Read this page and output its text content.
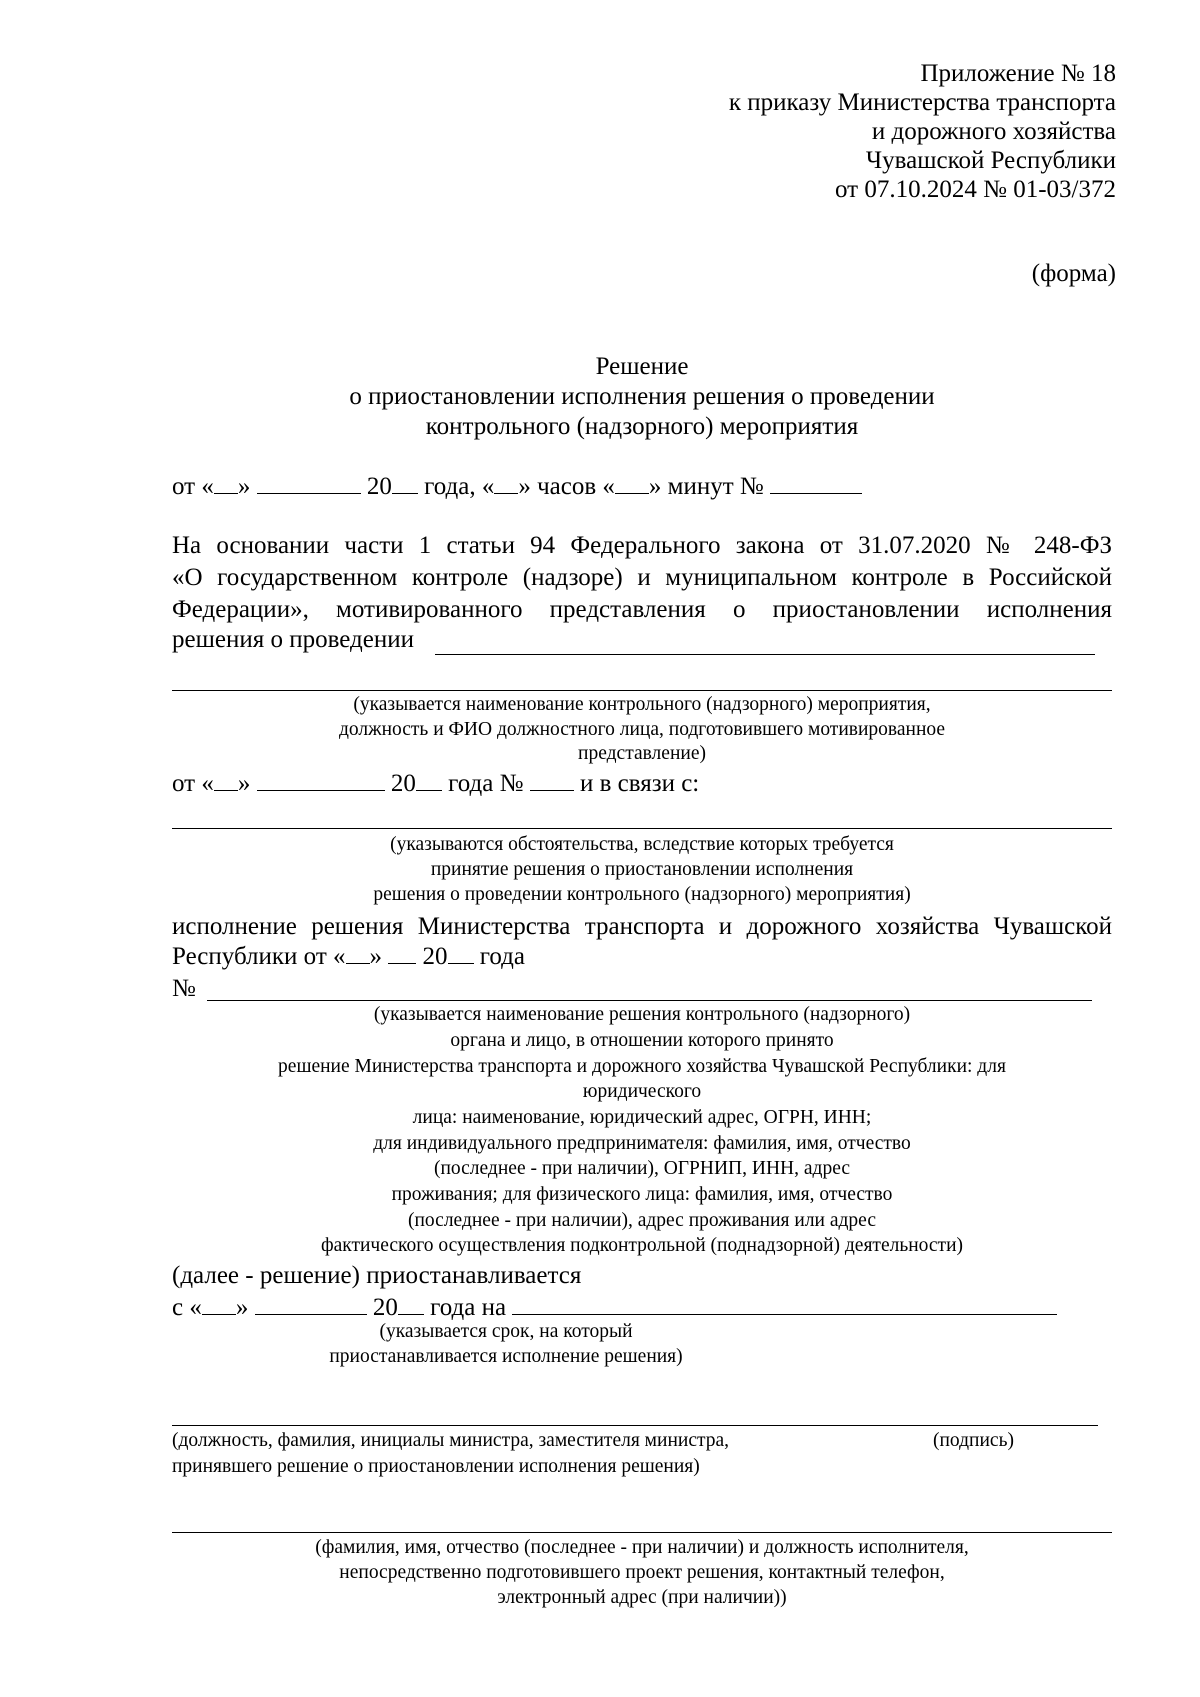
Приложение № 18
к приказу Министерства транспорта
и дорожного хозяйства
Чувашской Республики
от 07.10.2024 № 01-03/372
(форма)
Решение
о приостановлении исполнения решения о проведении
контрольного (надзорного) мероприятия
от « »	20 года, « » часов « » минут №
На основании части 1 статьи 94 Федерального закона от 31.07.2020 № 248-ФЗ
«О государственном контроле (надзоре) и муниципальном контроле в Российской
Федерации», мотивированного представления о приостановлении исполнения
решения о проведении
(указывается наименование контрольного (надзорного) мероприятия,
должность и ФИО должностного лица, подготовившего мотивированное
представление)
от « »	20 года № и в связи с:
(указываются обстоятельства, вследствие которых требуется
принятие решения о приостановлении исполнения
решения о проведении контрольного (надзорного) мероприятия)
исполнение решения Министерства транспорта и дорожного хозяйства Чувашской
Республики от « » 20 года
№
(указывается наименование решения контрольного (надзорного)
органа и лицо, в отношении которого принято
решение Министерства транспорта и дорожного хозяйства Чувашской Республики: для
юридического
лица: наименование, юридический адрес, ОГРН, ИНН;
для индивидуального предпринимателя: фамилия, имя, отчество
(последнее - при наличии), ОГРНИП, ИНН, адрес
проживания; для физического лица: фамилия, имя, отчество
(последнее - при наличии), адрес проживания или адрес
фактического осуществления подконтрольной (поднадзорной) деятельности)
(далее - решение) приостанавливается
с « »	20 года на
(указывается срок, на который
приостанавливается исполнение решения)
(должность, фамилия, инициалы министра, заместителя министра,	(подпись)
принявшего решение о приостановлении исполнения решения)
(фамилия, имя, отчество (последнее - при наличии) и должность исполнителя,
непосредственно подготовившего проект решения, контактный телефон,
электронный адрес (при наличии))
